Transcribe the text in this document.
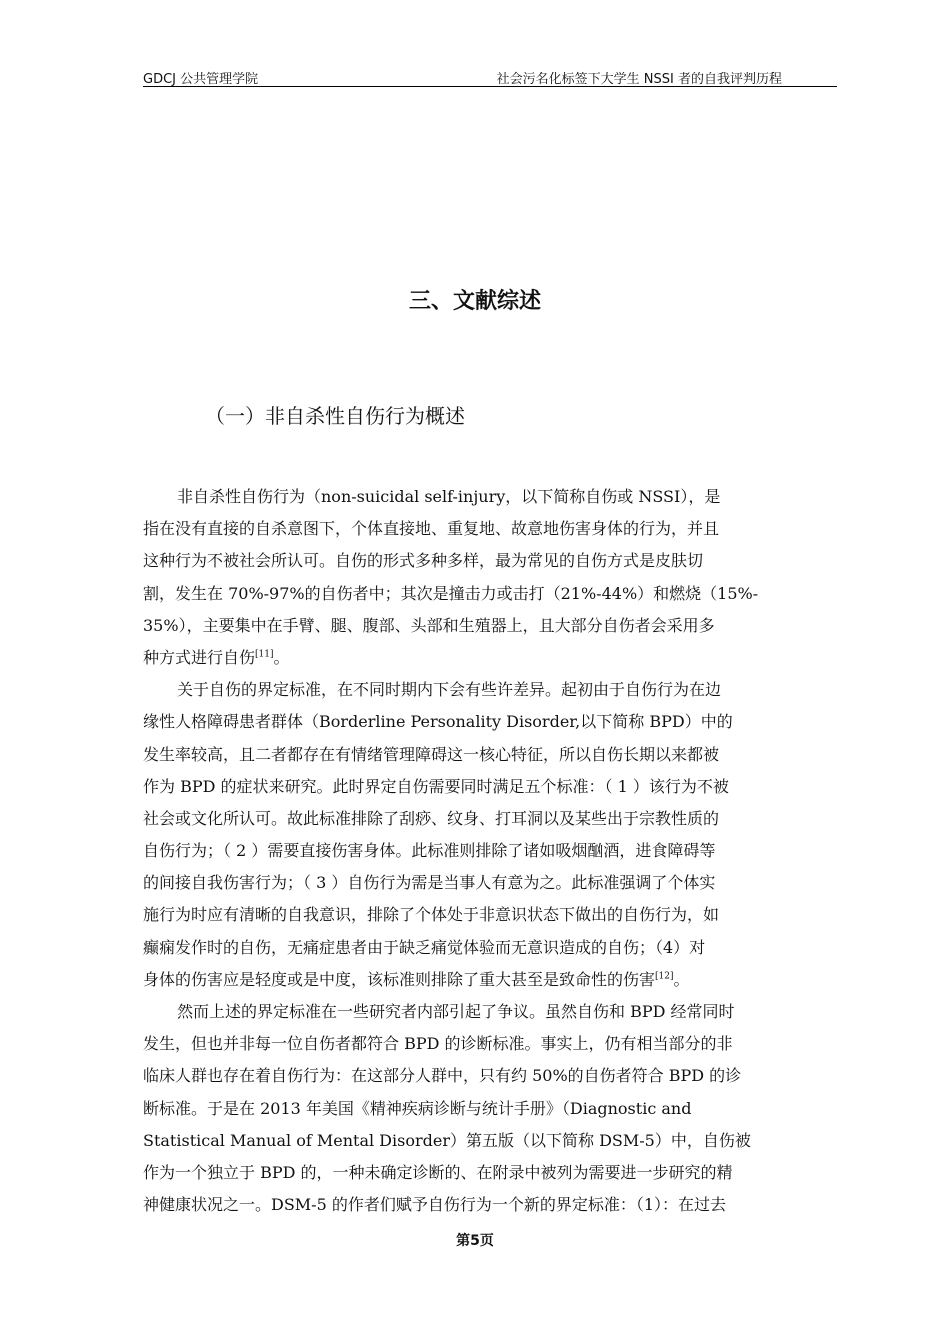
GDCJ 公共管理学院	社会污名化标签下大学生 NSSI 者的自我评判历程
三、文献综述
（一）非自杀性自伤行为概述
非自杀性自伤行为（non-suicidal self-injury，以下简称自伤或 NSSI），是
指在没有直接的自杀意图下，个体直接地、重复地、故意地伤害身体的行为，并且
这种行为不被社会所认可。自伤的形式多种多样，最为常见的自伤方式是皮肤切
割，发生在 70%-97%的自伤者中；其次是撞击力或击打（21%-44%）和燃烧（15%-
35%），主要集中在手臂、腿、腹部、头部和生殖器上，且大部分自伤者会采用多
种方式进行自伤[11]。
关于自伤的界定标准，在不同时期内下会有些许差异。起初由于自伤行为在边
缘性人格障碍患者群体（Borderline Personality Disorder,以下简称 BPD）中的
发生率较高，且二者都存在有情绪管理障碍这一核心特征，所以自伤长期以来都被
作为 BPD 的症状来研究。此时界定自伤需要同时满足五个标准：（ 1 ）该行为不被
社会或文化所认可。故此标准排除了刮痧、纹身、打耳洞以及某些出于宗教性质的
自伤行为；（ 2 ）需要直接伤害身体。此标准则排除了诸如吸烟酗酒，进食障碍等
的间接自我伤害行为；（ 3 ）自伤行为需是当事人有意为之。此标准强调了个体实
施行为时应有清晰的自我意识，排除了个体处于非意识状态下做出的自伤行为，如
癫痫发作时的自伤，无痛症患者由于缺乏痛觉体验而无意识造成的自伤；（4）对
身体的伤害应是轻度或是中度，该标准则排除了重大甚至是致命性的伤害[12]。
然而上述的界定标准在一些研究者内部引起了争议。虽然自伤和 BPD 经常同时
发生，但也并非每一位自伤者都符合 BPD 的诊断标准。事实上，仍有相当部分的非
临床人群也存在着自伤行为：在这部分人群中，只有约 50%的自伤者符合 BPD 的诊
断标准。于是在 2013 年美国《精神疾病诊断与统计手册》（Diagnostic and
Statistical Manual of Mental Disorder）第五版（以下简称 DSM-5）中，自伤被
作为一个独立于 BPD 的，一种未确定诊断的、在附录中被列为需要进一步研究的精
神健康状况之一。DSM-5 的作者们赋予自伤行为一个新的界定标准：（1）：在过去
第5页
